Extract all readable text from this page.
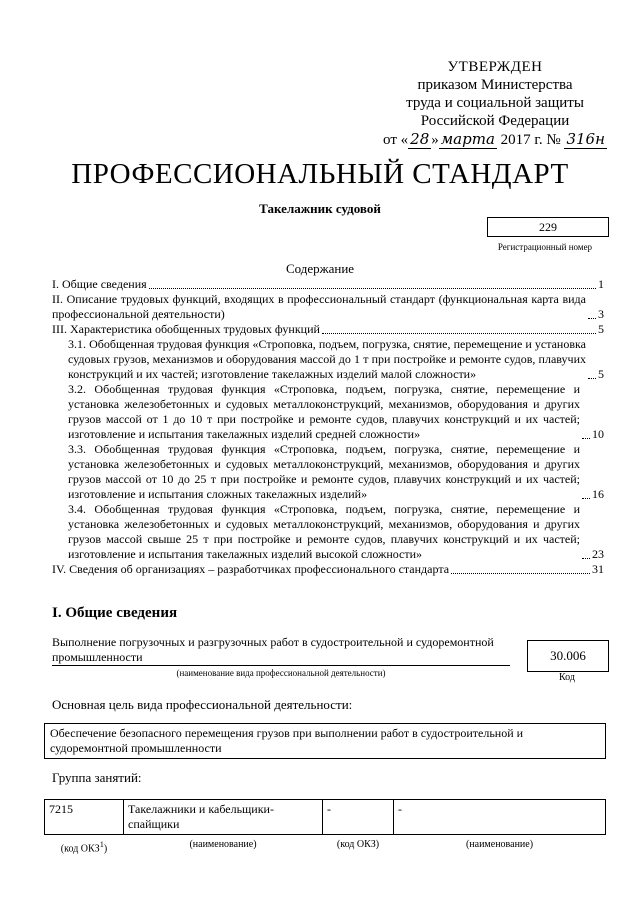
УТВЕРЖДЕН
приказом Министерства
труда и социальной защиты
Российской Федерации
от « 28 » марта 2017 г. № 316н
ПРОФЕССИОНАЛЬНЫЙ СТАНДАРТ
Такелажник судовой
229
Регистрационный номер
Содержание
I. Общие сведения	1
II. Описание трудовых функций, входящих в профессиональный стандарт (функциональная карта вида профессиональной деятельности)	3
III. Характеристика обобщенных трудовых функций	5
3.1. Обобщенная трудовая функция «Строповка, подъем, погрузка, снятие, перемещение и установка судовых грузов, механизмов и оборудования массой до 1 т при постройке и ремонте судов, плавучих конструкций и их частей; изготовление такелажных изделий малой сложности»	5
3.2. Обобщенная трудовая функция «Строповка, подъем, погрузка, снятие, перемещение и установка железобетонных и судовых металлоконструкций, механизмов, оборудования и других грузов массой от 1 до 10 т при постройке и ремонте судов, плавучих конструкций и их частей; изготовление и испытания такелажных изделий средней сложности»	10
3.3. Обобщенная трудовая функция «Строповка, подъем, погрузка, снятие, перемещение и установка железобетонных и судовых металлоконструкций, механизмов, оборудования и других грузов массой от 10 до 25 т при постройке и ремонте судов, плавучих конструкций и их частей; изготовление и испытания сложных такелажных изделий»	16
3.4. Обобщенная трудовая функция «Строповка, подъем, погрузка, снятие, перемещение и установка железобетонных и судовых металлоконструкций, механизмов, оборудования и других грузов массой свыше 25 т при постройке и ремонте судов, плавучих конструкций и их частей; изготовление и испытания такелажных изделий высокой сложности»	23
IV. Сведения об организациях – разработчиках профессионального стандарта	31
I. Общие сведения
Выполнение погрузочных и разгрузочных работ в судостроительной и судоремонтной промышленности
(наименование вида профессиональной деятельности)
30.006
Код
Основная цель вида профессиональной деятельности:
Обеспечение безопасного перемещения грузов при выполнении работ в судостроительной и судоремонтной промышленности
Группа занятий:
7215	Такелажники и кабельщики-спайщики	-	-
(код ОКЗ$^1$)	(наименование)	(код ОКЗ)	(наименование)
